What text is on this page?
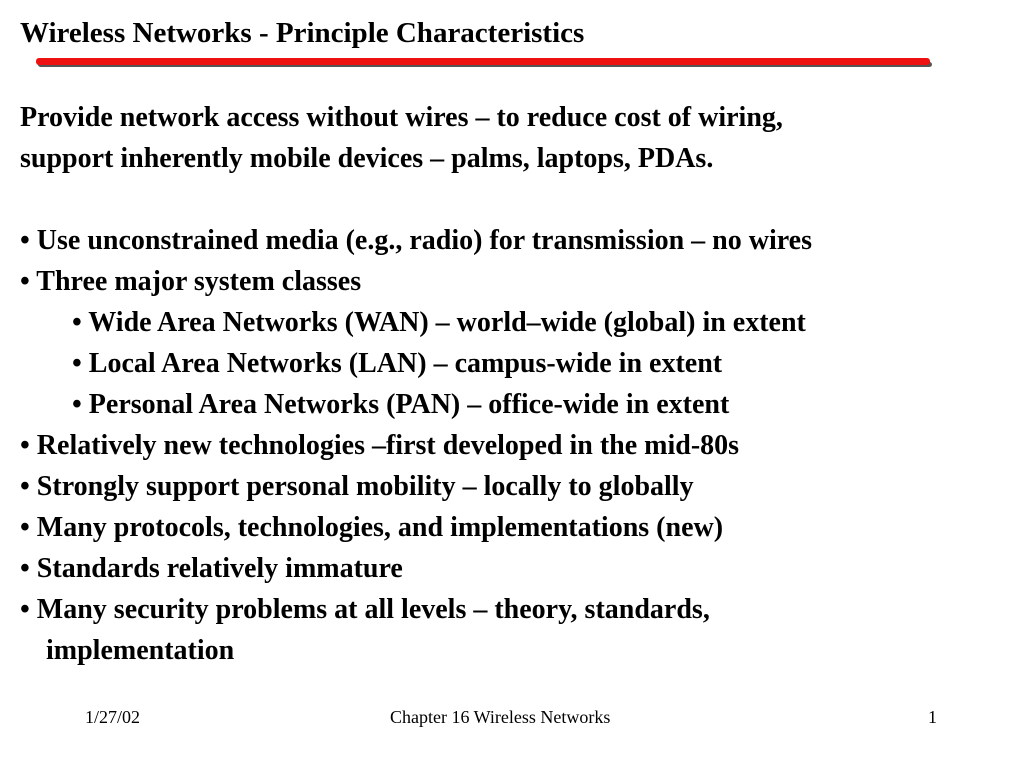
Wireless Networks - Principle Characteristics
Provide network access without wires – to reduce cost of wiring,
support inherently mobile devices – palms, laptops, PDAs.
• Use unconstrained media (e.g., radio) for transmission – no wires
• Three major system classes
• Wide Area Networks (WAN) – world–wide (global) in extent
• Local Area Networks (LAN) – campus-wide in extent
• Personal Area Networks (PAN) – office-wide in extent
• Relatively new technologies –first developed in the mid-80s
• Strongly support personal mobility – locally to globally
• Many protocols, technologies, and implementations (new)
• Standards relatively immature
• Many security problems at all levels – theory, standards,
implementation
1/27/02	Chapter 16 Wireless Networks	1
